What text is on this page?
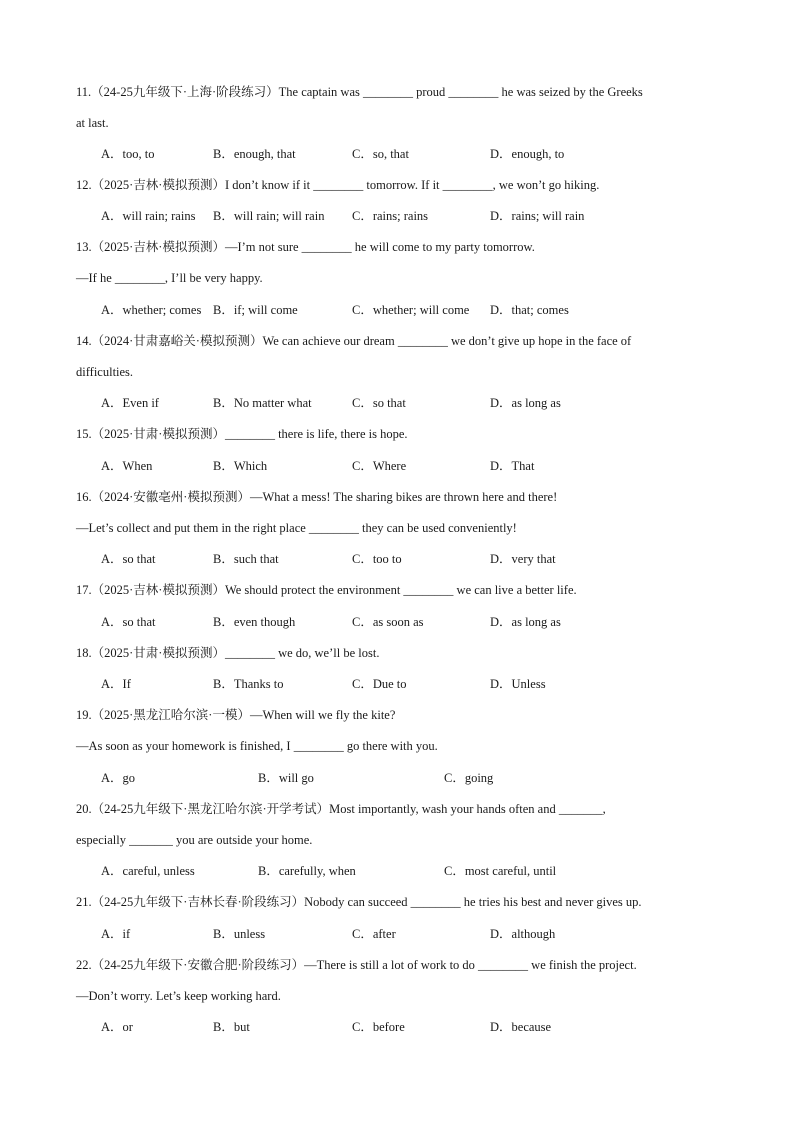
11.（24-25九年级下·上海·阶段练习）The captain was ________ proud ________ he was seized by the Greeks
at last.
A．too, to	B．enough, that	C．so, that	D．enough, to
12.（2025·吉林·模拟预测）I don’t know if it ________ tomorrow. If it ________, we won’t go hiking.
A．will rain; rains B．will rain; will rain C．rains; rains	D．rains; will rain
13.（2025·吉林·模拟预测）—I’m not sure ________ he will come to my party tomorrow.
—If he ________, I’ll be very happy.
A．whether; comes B．if; will come	C．whether; will come D．that; comes
14.（2024·甘肃嘉峪关·模拟预测）We can achieve our dream ________ we don’t give up hope in the face of
difficulties.
A．Even if	B．No matter what	C．so that	D．as long as
15.（2025·甘肃·模拟预测）________ there is life, there is hope.
A．When	B．Which	C．Where	D．That
16.（2024·安徽亳州·模拟预测）—What a mess! The sharing bikes are thrown here and there!
—Let’s collect and put them in the right place ________ they can be used conveniently!
A．so that	B．such that	C．too to	D．very that
17.（2025·吉林·模拟预测）We should protect the environment ________ we can live a better life.
A．so that	B．even though	C．as soon as	D．as long as
18.（2025·甘肃·模拟预测）________ we do, we’ll be lost.
A．If	B．Thanks to	C．Due to	D．Unless
19.（2025·黑龙江哈尔滨·一模）—When will we fly the kite?
—As soon as your homework is finished, I ________ go there with you.
A．go	B．will go	C．going
20.（24-25九年级下·黑龙江哈尔滨·开学考试）Most importantly, wash your hands often and _______,
especially _______ you are outside your home.
A．careful, unless	B．carefully, when	C．most careful, until
21.（24-25九年级下·吉林长春·阶段练习）Nobody can succeed ________ he tries his best and never gives up.
A．if	B．unless	C．after	D．although
22.（24-25九年级下·安徽合肥·阶段练习）—There is still a lot of work to do ________ we finish the project.
—Don’t worry. Let’s keep working hard.
A．or	B．but	C．before	D．because
